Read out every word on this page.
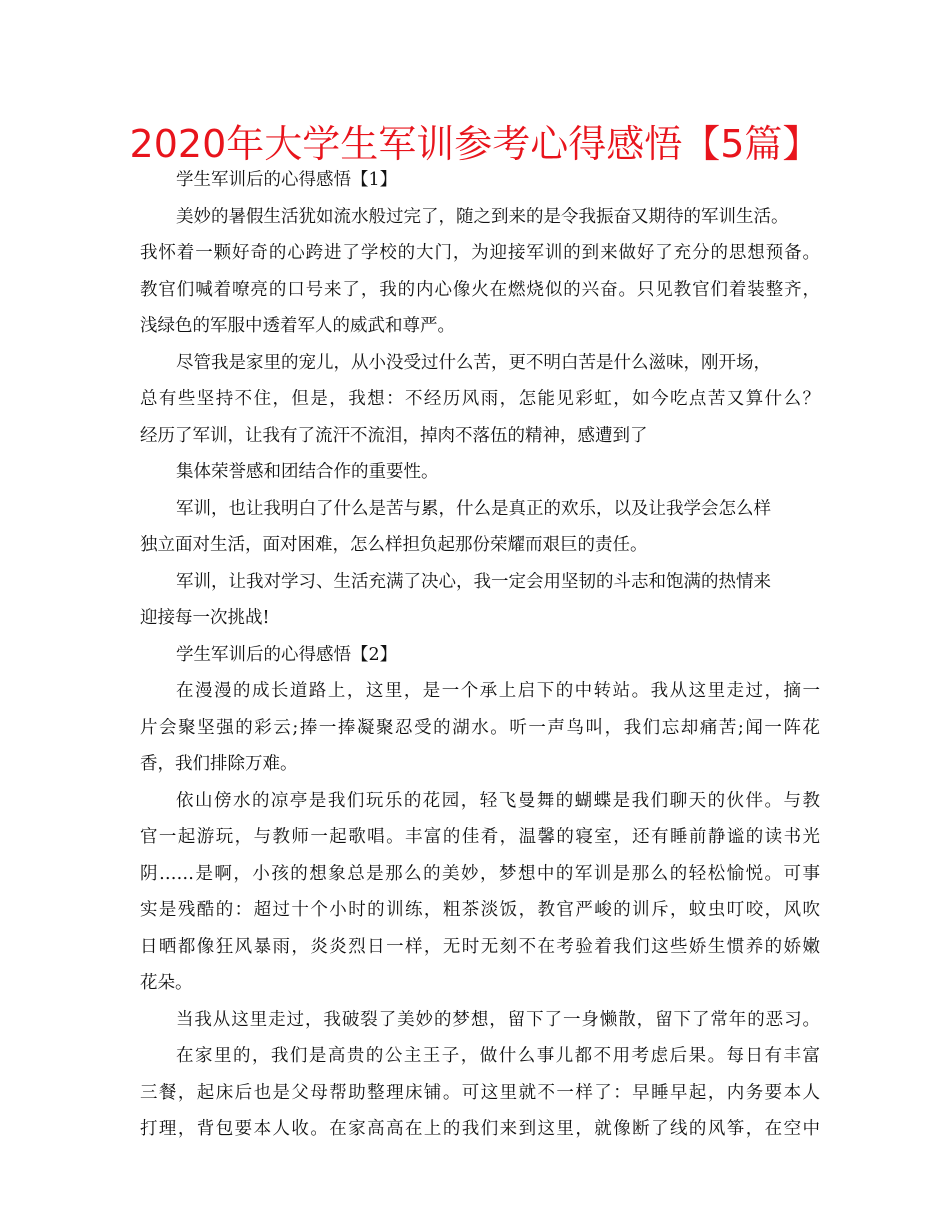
2020年大学生军训参考心得感悟【5篇】
学生军训后的心得感悟【1】
美妙的暑假生活犹如流水般过完了，随之到来的是令我振奋又期待的军训生活。
我怀着一颗好奇的心跨进了学校的大门，为迎接军训的到来做好了充分的思想预备。
教官们喊着嘹亮的口号来了，我的内心像火在燃烧似的兴奋。只见教官们着装整齐，
浅绿色的军服中透着军人的威武和尊严。
尽管我是家里的宠儿，从小没受过什么苦，更不明白苦是什么滋味，刚开场，
总有些坚持不住，但是，我想：不经历风雨，怎能见彩虹，如今吃点苦又算什么？
经历了军训，让我有了流汗不流泪，掉肉不落伍的精神，感遭到了
集体荣誉感和团结合作的重要性。
军训，也让我明白了什么是苦与累，什么是真正的欢乐，以及让我学会怎么样
独立面对生活，面对困难，怎么样担负起那份荣耀而艰巨的责任。
军训，让我对学习、生活充满了决心，我一定会用坚韧的斗志和饱满的热情来
迎接每一次挑战!
学生军训后的心得感悟【2】
在漫漫的成长道路上，这里，是一个承上启下的中转站。我从这里走过，摘一
片会聚坚强的彩云;捧一捧凝聚忍受的湖水。听一声鸟叫，我们忘却痛苦;闻一阵花
香，我们排除万难。
依山傍水的凉亭是我们玩乐的花园，轻飞曼舞的蝴蝶是我们聊天的伙伴。与教
官一起游玩，与教师一起歌唱。丰富的佳肴，温馨的寝室，还有睡前静谧的读书光
阴……是啊，小孩的想象总是那么的美妙，梦想中的军训是那么的轻松愉悦。可事
实是残酷的：超过十个小时的训练，粗茶淡饭，教官严峻的训斥，蚊虫叮咬，风吹
日晒都像狂风暴雨，炎炎烈日一样，无时无刻不在考验着我们这些娇生惯养的娇嫩
花朵。
当我从这里走过，我破裂了美妙的梦想，留下了一身懒散，留下了常年的恶习。
在家里的，我们是高贵的公主王子，做什么事儿都不用考虑后果。每日有丰富
三餐，起床后也是父母帮助整理床铺。可这里就不一样了：早睡早起，内务要本人
打理，背包要本人收。在家高高在上的我们来到这里，就像断了线的风筝，在空中
